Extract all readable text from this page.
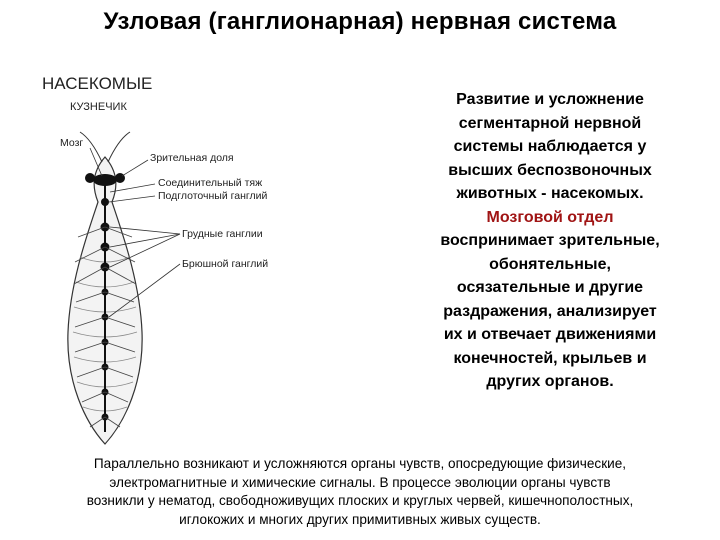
Узловая (ганглионарная) нервная система
НАСЕКОМЫЕ
КУЗНЕЧИК
Мозг
Зрительная доля
Соединительный тяж
Подглоточный ганглий
Грудные ганглии
Брюшной ганглий
Развитие и усложнение
сегментарной нервной
системы наблюдается у
высших беспозвоночных
животных - насекомых.
Мозговой отдел
воспринимает зрительные,
обонятельные,
осязательные и другие
раздражения, анализирует
их и отвечает движениями
конечностей, крыльев и
других органов.
Параллельно возникают и усложняются органы чувств, опосредующие физические,
электромагнитные и химические сигналы. В процессе эволюции органы чувств
возникли у нематод, свободноживущих плоских и круглых червей, кишечнополостных,
иглокожих и многих других примитивных живых существ.
